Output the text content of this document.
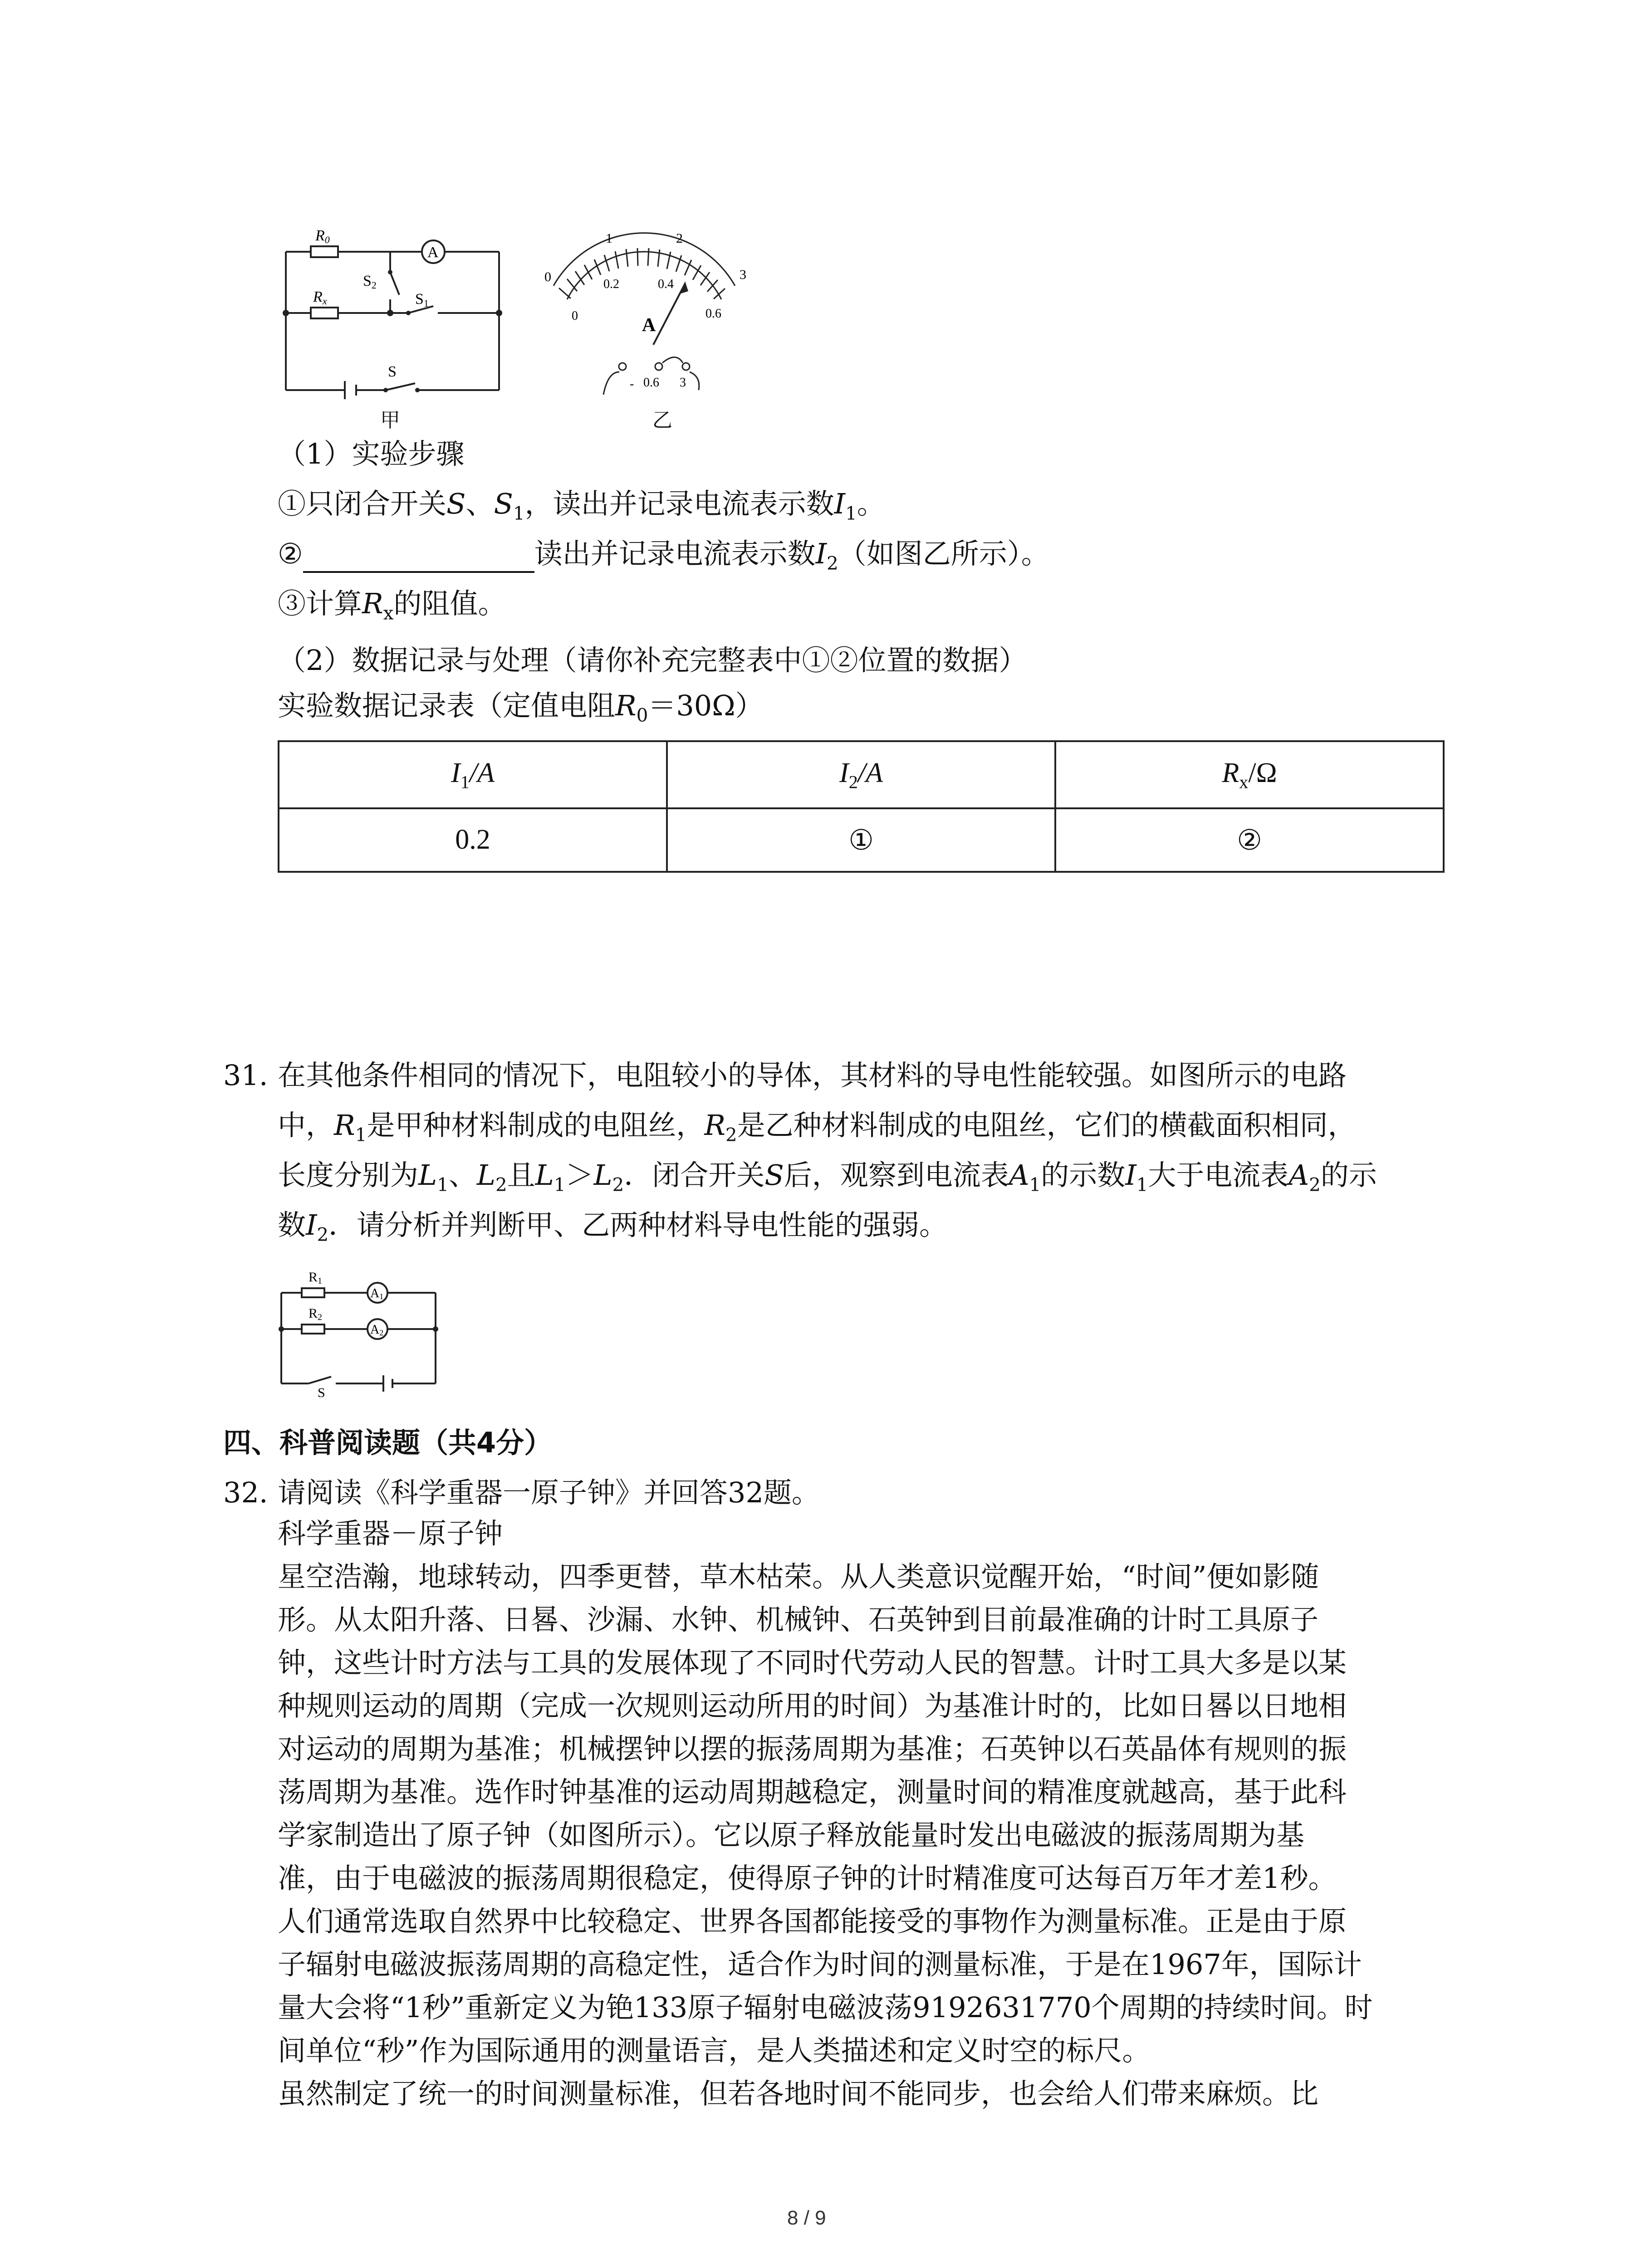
R0
A
Rx
S2
S1
S
甲
0
1	2
3
0
0.2	0.4
0.6
A
- 0.6 3
乙
（1）实验步骤
①只闭合开关S、$S_1$，读出并记录电流表示数$I_1$。
②	读出并记录电流表示数$I_2$（如图乙所示）。
③计算$R_x$的阻值。
（2）数据记录与处理（请你补充完整表中①②位置的数据）
实验数据记录表（定值电阻$R_0=30\Omega$）
$I_1/A$	$I_2/A$	$R_x/\Omega$
0.2	①	②
31. 在其他条件相同的情况下，电阻较小的导体，其材料的导电性能较强。如图所示的电路
中，$R_1$是甲种材料制成的电阻丝，$R_2$是乙种材料制成的电阻丝，它们的横截面积相同，
长度分别为$L_1$、$L_2$且$L_1>L_2$．闭合开关S后，观察到电流表$A_1$的示数$I_1$大于电流表$A_2$的示
数$I_2$．请分析并判断甲、乙两种材料导电性能的强弱。
R1
R2
A1
A2
S
四、科普阅读题（共4分）
32. 请阅读《科学重器一原子钟》并回答32题。
科学重器－原子钟
星空浩瀚，地球转动，四季更替，草木枯荣。从人类意识觉醒开始，“时间”便如影随
形。从太阳升落、日晷、沙漏、水钟、机械钟、石英钟到目前最准确的计时工具原子
钟，这些计时方法与工具的发展体现了不同时代劳动人民的智慧。计时工具大多是以某
种规则运动的周期（完成一次规则运动所用的时间）为基准计时的，比如日晷以日地相
对运动的周期为基准；机械摆钟以摆的振荡周期为基准；石英钟以石英晶体有规则的振
荡周期为基准。选作时钟基准的运动周期越稳定，测量时间的精准度就越高，基于此科
学家制造出了原子钟（如图所示）。它以原子释放能量时发出电磁波的振荡周期为基
准，由于电磁波的振荡周期很稳定，使得原子钟的计时精准度可达每百万年才差1秒。
人们通常选取自然界中比较稳定、世界各国都能接受的事物作为测量标准。正是由于原
子辐射电磁波振荡周期的高稳定性，适合作为时间的测量标准，于是在1967年，国际计
量大会将“1秒”重新定义为铯133原子辐射电磁波荡9192631770个周期的持续时间。时
间单位“秒”作为国际通用的测量语言，是人类描述和定义时空的标尺。
虽然制定了统一的时间测量标准，但若各地时间不能同步，也会给人们带来麻烦。比
8 / 9
